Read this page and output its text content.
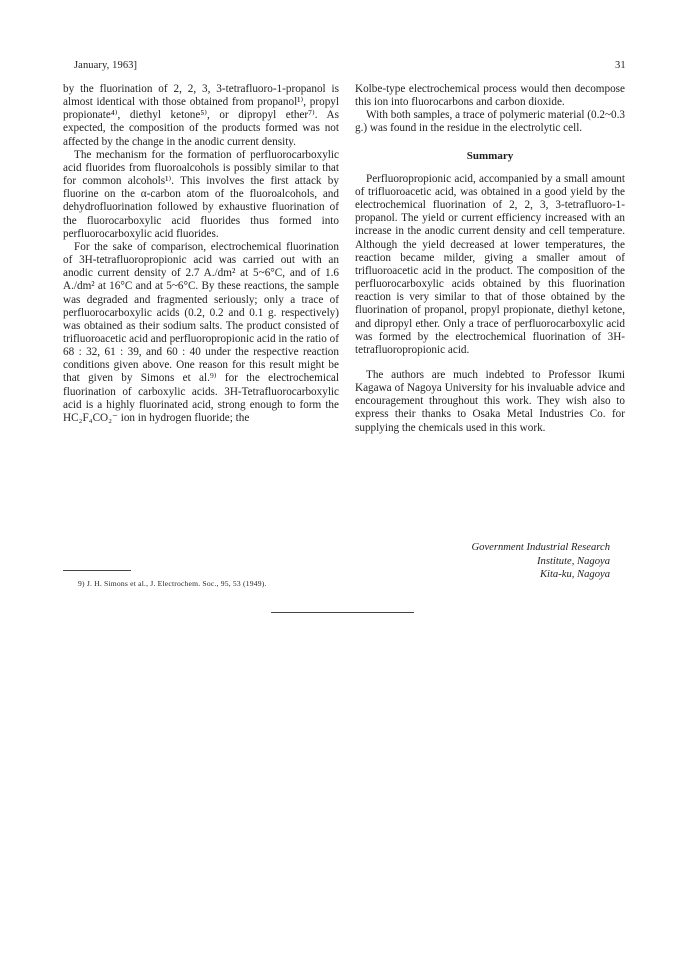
January, 1963]	31

by the fluorination of 2, 2, 3, 3-tetrafluoro-1-propanol is almost identical with those obtained from propanol¹⁾, propyl propionate⁴⁾, diethyl ketone⁵⁾, or dipropyl ether⁷⁾. As expected, the composition of the products formed was not affected by the change in the anodic current density.

The mechanism for the formation of perfluorocarboxylic acid fluorides from fluoroalcohols is possibly similar to that for common alcohols¹⁾. This involves the first attack by fluorine on the α-carbon atom of the fluoroalcohols, and dehydrofluorination followed by exhaustive fluorination of the fluorocarboxylic acid fluorides thus formed into perfluorocarboxylic acid fluorides.

For the sake of comparison, electrochemical fluorination of 3H-tetrafluoropropionic acid was carried out with an anodic current density of 2.7 A./dm² at 5~6°C, and of 1.6 A./dm² at 16°C and at 5~6°C. By these reactions, the sample was degraded and fragmented seriously; only a trace of perfluorocarboxylic acids (0.2, 0.2 and 0.1 g. respectively) was obtained as their sodium salts. The product consisted of trifluoroacetic acid and perfluoropropionic acid in the ratio of 68 : 32, 61 : 39, and 60 : 40 under the respective reaction conditions given above. One reason for this result might be that given by Simons et al.⁹⁾ for the electrochemical fluorination of carboxylic acids. 3H-Tetrafluorocarboxylic acid is a highly fluorinated acid, strong enough to form the HC₂F₄CO₂⁻ ion in hydrogen fluoride; the

9) J. H. Simons et al., J. Electrochem. Soc., 95, 53 (1949).

Kolbe-type electrochemical process would then decompose this ion into fluorocarbons and carbon dioxide.

With both samples, a trace of polymeric material (0.2~0.3 g.) was found in the residue in the electrolytic cell.

Summary

Perfluoropropionic acid, accompanied by a small amount of trifluoroacetic acid, was obtained in a good yield by the electrochemical fluorination of 2, 2, 3, 3-tetrafluoro-1-propanol. The yield or current efficiency increased with an increase in the anodic current density and cell temperature. Although the yield decreased at lower temperatures, the reaction became milder, giving a smaller amout of trifluoroacetic acid in the product. The composition of the perfluorocarboxylic acids obtained by this fluorination reaction is very similar to that of those obtained by the fluorination of propanol, propyl propionate, diethyl ketone, and dipropyl ether. Only a trace of perfluorocarboxylic acid was formed by the electrochemical fluorination of 3H-tetrafluoropropionic acid.

The authors are much indebted to Professor Ikumi Kagawa of Nagoya University for his invaluable advice and encouragement throughout this work. They wish also to express their thanks to Osaka Metal Industries Co. for supplying the chemicals used in this work.

Government Industrial Research
Institute, Nagoya
Kita-ku, Nagoya
